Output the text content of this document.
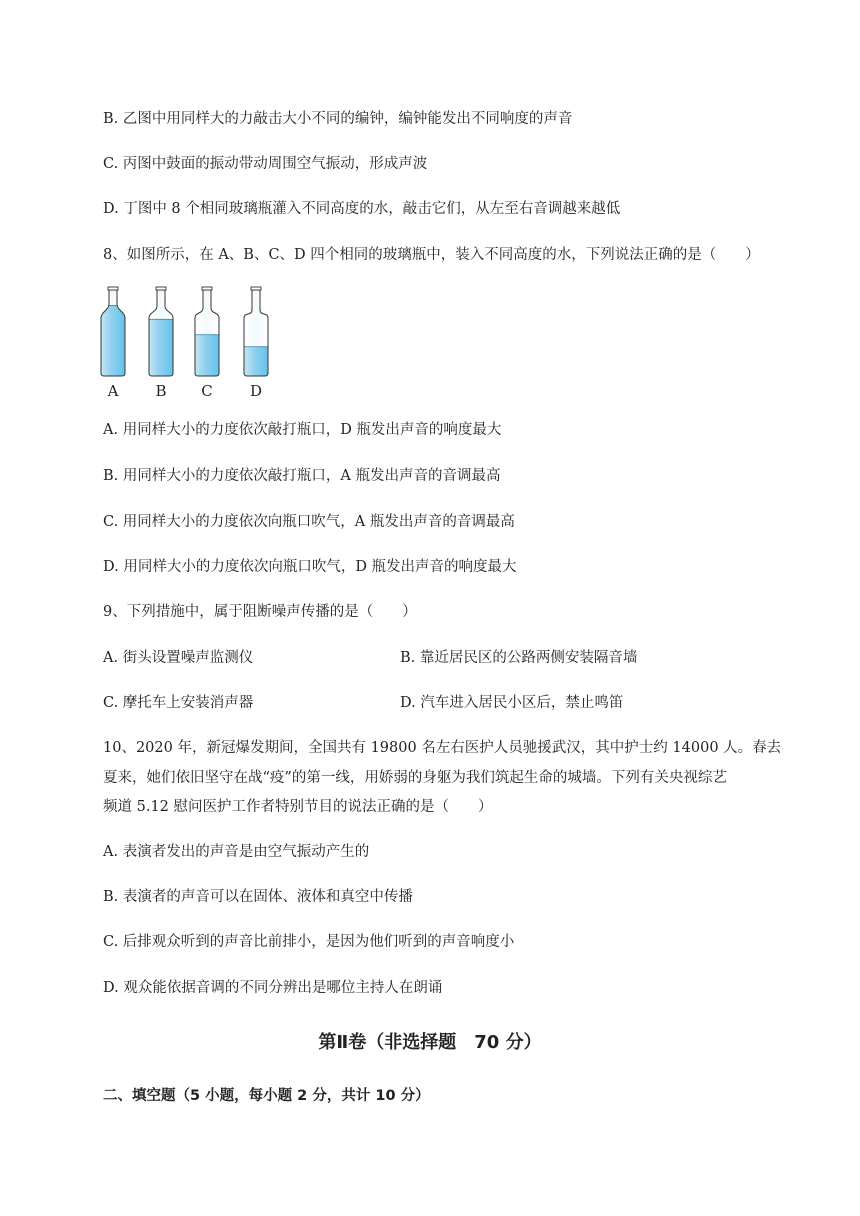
B. 乙图中用同样大的力敲击大小不同的编钟，编钟能发出不同响度的声音
C. 丙图中鼓面的振动带动周围空气振动，形成声波
D. 丁图中 8 个相同玻璃瓶灌入不同高度的水，敲击它们，从左至右音调越来越低
8、如图所示，在 A、B、C、D 四个相同的玻璃瓶中，装入不同高度的水，下列说法正确的是（　　）
A B C D
A. 用同样大小的力度依次敲打瓶口，D 瓶发出声音的响度最大
B. 用同样大小的力度依次敲打瓶口，A 瓶发出声音的音调最高
C. 用同样大小的力度依次向瓶口吹气，A 瓶发出声音的音调最高
D. 用同样大小的力度依次向瓶口吹气，D 瓶发出声音的响度最大
9、下列措施中，属于阻断噪声传播的是（　　）
A. 街头设置噪声监测仪	B. 靠近居民区的公路两侧安装隔音墙
C. 摩托车上安装消声器	D. 汽车进入居民小区后，禁止鸣笛
10、2020 年，新冠爆发期间，全国共有 19800 名左右医护人员驰援武汉，其中护士约 14000 人。春去
夏来，她们依旧坚守在战“疫”的第一线，用娇弱的身躯为我们筑起生命的城墙。下列有关央视综艺
频道 5.12 慰问医护工作者特别节目的说法正确的是（　　）
A. 表演者发出的声音是由空气振动产生的
B. 表演者的声音可以在固体、液体和真空中传播
C. 后排观众听到的声音比前排小，是因为他们听到的声音响度小
D. 观众能依据音调的不同分辨出是哪位主持人在朗诵
第Ⅱ卷（非选择题　70 分）
二、填空题（5 小题，每小题 2 分，共计 10 分）
